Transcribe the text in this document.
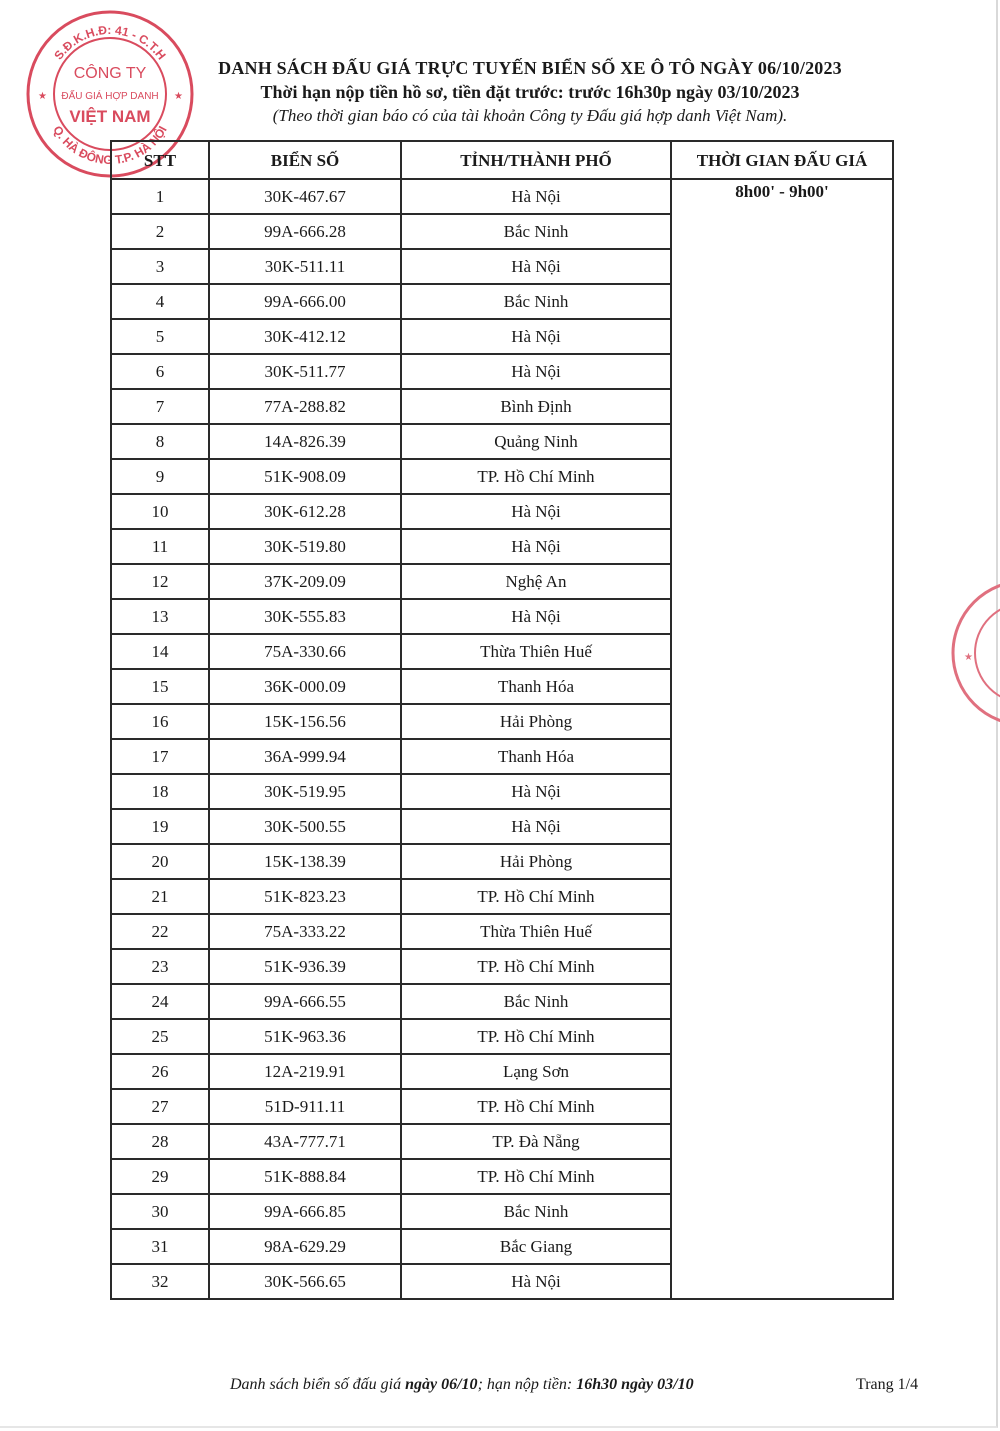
S.Đ.K.H.Đ: 41 - C.T.H
Q. HÀ ĐÔNG T.P. HÀ NỘI
CÔNG TY
ĐẤU GIÁ HỢP DANH
VIỆT NAM
★	★
★
DANH SÁCH ĐẤU GIÁ TRỰC TUYẾN BIỂN SỐ XE Ô TÔ NGÀY 06/10/2023
Thời hạn nộp tiền hồ sơ, tiền đặt trước: trước 16h30p ngày 03/10/2023
(Theo thời gian báo có của tài khoản Công ty Đấu giá hợp danh Việt Nam).
STT	BIỂN SỐ	TỈNH/THÀNH PHỐ	THỜI GIAN ĐẤU GIÁ
1	30K-467.67	Hà Nội	8h00' - 9h00'
2	99A-666.28	Bắc Ninh	
3	30K-511.11	Hà Nội	
4	99A-666.00	Bắc Ninh	
5	30K-412.12	Hà Nội	
6	30K-511.77	Hà Nội	
7	77A-288.82	Bình Định	
8	14A-826.39	Quảng Ninh	
9	51K-908.09	TP. Hồ Chí Minh	
10	30K-612.28	Hà Nội	
11	30K-519.80	Hà Nội	
12	37K-209.09	Nghệ An	
13	30K-555.83	Hà Nội	
14	75A-330.66	Thừa Thiên Huế	
15	36K-000.09	Thanh Hóa	
16	15K-156.56	Hải Phòng	
17	36A-999.94	Thanh Hóa	
18	30K-519.95	Hà Nội	
19	30K-500.55	Hà Nội	
20	15K-138.39	Hải Phòng	
21	51K-823.23	TP. Hồ Chí Minh	
22	75A-333.22	Thừa Thiên Huế	
23	51K-936.39	TP. Hồ Chí Minh	
24	99A-666.55	Bắc Ninh	
25	51K-963.36	TP. Hồ Chí Minh	
26	12A-219.91	Lạng Sơn	
27	51D-911.11	TP. Hồ Chí Minh	
28	43A-777.71	TP. Đà Nẵng	
29	51K-888.84	TP. Hồ Chí Minh	
30	99A-666.85	Bắc Ninh	
31	98A-629.29	Bắc Giang	
32	30K-566.65	Hà Nội	
Danh sách biển số đấu giá ngày 06/10; hạn nộp tiền: 16h30 ngày 03/10	Trang 1/4
